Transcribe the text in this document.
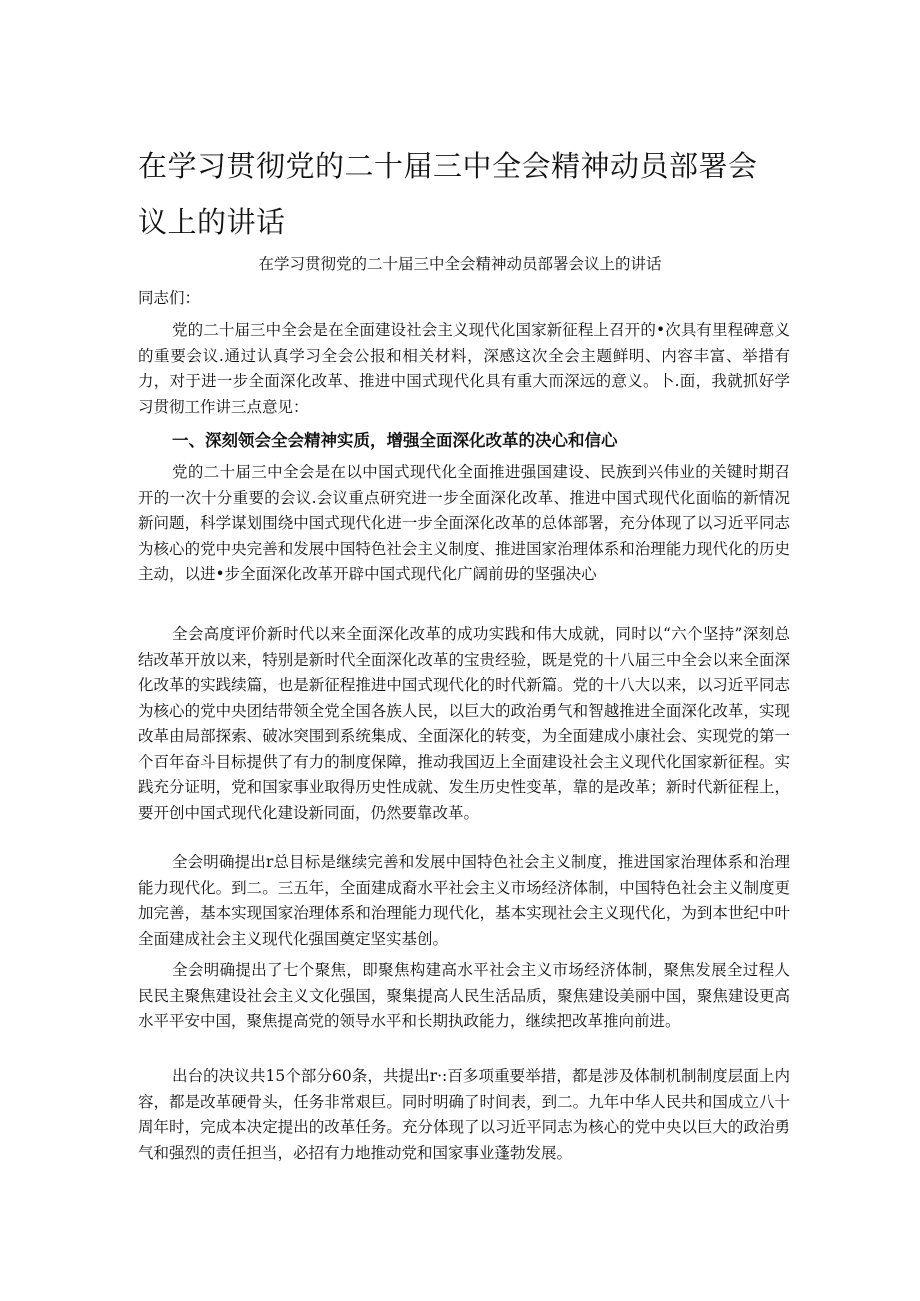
在学习贯彻党的二十届三中全会精神动员部署会议上的讲话

在学习贯彻党的二十届三中全会精神动员部署会议上的讲话

同志们：

党的二十届三中全会是在全面建设社会主义现代化国家新征程上召开的•次具有里程碑意义的重要会议.通过认真学习全会公报和相关材料，深感这次全会主题鲜明、内容丰富、举措有力，对于进一步全面深化改革、推进中国式现代化具有重大而深远的意义。卜.面，我就抓好学习贯彻工作讲三点意见：

一、深刻领会全会精神实质，增强全面深化改革的决心和信心

党的二十届三中全会是在以中国式现代化全面推进强国建设、民族到兴伟业的关键时期召开的一次十分重要的会议.会议重点研究进一步全面深化改革、推进中国式现代化面临的新情况新问题，科学谋划围绕中国式现代化进一步全面深化改革的总体部署，充分体现了以习近平同志为核心的党中央完善和发展中国特色社会主义制度、推进国家治理体系和治理能力现代化的历史主动，以进•步全面深化改革开辟中国式现代化广阔前毋的坚强决心

全会高度评价新时代以来全面深化改革的成功实践和伟大成就，同时以“六个坚持”深刻总结改革开放以来，特别是新时代全面深化改革的宝贵经验，既是党的十八届三中全会以来全面深化改革的实践续篇，也是新征程推进中国式现代化的时代新篇。党的十八大以来，以习近平同志为核心的党中央团结带领全党全国各族人民，以巨大的政治勇气和智越推进全面深化改革，实现改革由局部探索、破冰突围到系统集成、全面深化的转变，为全面建成小康社会、实现党的第一个百年奋斗目标提供了有力的制度保障，推动我国迈上全面建设社会主义现代化国家新征程。实践充分证明，党和国家事业取得历史性成就、发生历史性变革，靠的是改革；新时代新征程上，要开创中国式现代化建设新同面，仍然要靠改革。

全会明确提出r总目标是继续完善和发展中国特色社会主义制度，推进国家治理体系和治理能力现代化。到二。三五年，全面建成裔水平社会主义市场经济体制，中国特色社会主义制度更加完善，基本实现国家治理体系和治理能力现代化，基本实现社会主义现代化，为到本世纪中叶全面建成社会主义现代化强国奠定坚实基创。

全会明确提出了七个聚焦，即聚焦构建高水平社会主义市场经济体制，聚焦发展全过程人民民主聚焦建设社会主义文化强国，聚集提高人民生活品质，聚焦建设美丽中国，聚焦建设更高水平平安中国，聚焦提高党的领导水平和长期执政能力，继续把改革推向前进。

出台的决议共15个部分60条，共提出r·:百多项重要举措，都是涉及体制机制制度层面上内容，都是改革硬骨头，任务非常艰巨。同时明确了时间表，到二。九年中华人民共和国成立八十周年时，完成本决定提出的改革任务。充分体现了以习近平同志为核心的党中央以巨大的政治勇气和强烈的责任担当，必招有力地推动党和国家事业蓬勃发展。
